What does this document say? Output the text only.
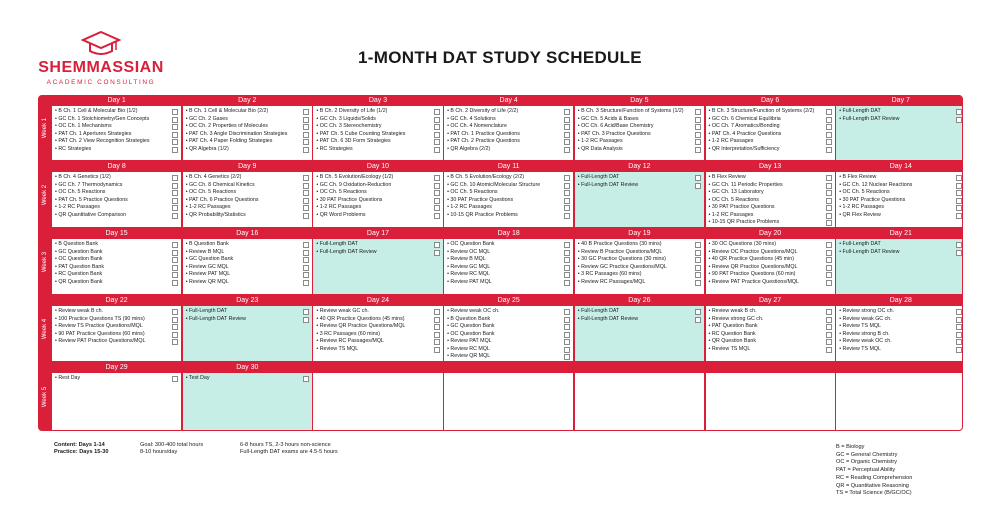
SHEMMASSIAN
ACADEMIC CONSULTING
1-MONTH DAT STUDY SCHEDULE
Week 1
Day 1
• B Ch. 1 Cell & Molecular Bio (1/2)
• GC Ch. 1 Stoichiometry/Gen Concepts
• OC Ch. 1 Mechanisms
• PAT Ch. 1 Apertures Strategies
• PAT Ch. 2 View Recognition Strategies
• RC Strategies
Day 2
• B Ch. 1 Cell & Molecular Bio (2/2)
• GC Ch. 2 Gases
• OC Ch. 2 Properties of Molecules
• PAT Ch. 3 Angle Discrimination Strategies
• PAT Ch. 4 Paper Folding Strategies
• QR Algebra (1/2)
Day 3
• B Ch. 2 Diversity of Life (1/2)
• GC Ch. 3 Liquids/Solids
• OC Ch. 3 Stereochemistry
• PAT Ch. 5 Cube Counting Strategies
• PAT Ch. 6 3D Form Strategies
• RC Strategies
Day 4
• B Ch. 2 Diversity of Life (2/2)
• GC Ch. 4 Solutions
• OC Ch. 4 Nomenclature
• PAT Ch. 1 Practice Questions
• PAT Ch. 2 Practice Questions
• QR Algebra (2/2)
Day 5
• B Ch. 3 Structure/Function of Systems (1/2)
• GC Ch. 5 Acids & Bases
• OC Ch. 6 Acid/Base Chemistry
• PAT Ch. 3 Practice Questions
• 1-2 RC Passages
• QR Data Analysis
Day 6
• B Ch. 3 Structure/Function of Systems (2/2)
• GC Ch. 6 Chemical Equilibria
• OC Ch. 7 Aromatics/Bonding
• PAT Ch. 4 Practice Questions
• 1-2 RC Passages
• QR Interpretation/Sufficiency
Day 7
• Full-Length DAT
• Full-Length DAT Review
Week 2
Day 8
• B Ch. 4 Genetics (1/2)
• GC Ch. 7 Thermodynamics
• OC Ch. 5 Reactions
• PAT Ch. 5 Practice Questions
• 1-2 RC Passages
• QR Quantitative Comparison
Day 9
• B Ch. 4 Genetics (2/2)
• GC Ch. 8 Chemical Kinetics
• OC Ch. 5 Reactions
• PAT Ch. 6 Practice Questions
• 1-2 RC Passages
• QR Probability/Statistics
Day 10
• B Ch. 5 Evolution/Ecology (1/2)
• GC Ch. 9 Oxidation-Reduction
• OC Ch. 5 Reactions
• 30 PAT Practice Questions
• 1-2 RC Passages
• QR Word Problems
Day 11
• B Ch. 5 Evolution/Ecology (2/2)
• GC Ch. 10 Atomic/Molecular Structure
• OC Ch. 5 Reactions
• 30 PAT Practice Questions
• 1-2 RC Passages
• 10-15 QR Practice Problems
Day 12
• Full-Length DAT
• Full-Length DAT Review
Day 13
• B Flex Review
• GC Ch. 11 Periodic Properties
• GC Ch. 13 Laboratory
• OC Ch. 5 Reactions
• 30 PAT Practice Questions
• 1-2 RC Passages
• 10-15 QR Practice Problems
Day 14
• B Flex Review
• GC Ch. 12 Nuclear Reactions
• OC Ch. 5 Reactions
• 30 PAT Practice Questions
• 1-2 RC Passages
• QR Flex Review
Week 3
Day 15
• B Question Bank
• GC Question Bank
• OC Question Bank
• PAT Question Bank
• RC Question Bank
• QR Question Bank
Day 16
• B Question Bank
• Review B MQL
• GC Question Bank
• Review GC MQL
• Review PAT MQL
• Review QR MQL
Day 17
• Full-Length DAT
• Full-Length DAT Review
Day 18
• OC Question Bank
• Review OC MQL
• Review B MQL
• Review GC MQL
• Review RC MQL
• Review PAT MQL
Day 19
• 40 B Practice Questions (30 mins)
• Review B Practice Questions/MQL
• 30 GC Practice Questions (30 mins)
• Review GC Practice Questions/MQL
• 3 RC Passages (60 mins)
• Review RC Passages/MQL
Day 20
• 30 OC Questions (30 mins)
• Review OC Practice Questions/MQL
• 40 QR Practice Questions (45 min)
• Review QR Practice Questions/MQL
• 90 PAT Practice Questions (60 min)
• Review PAT Practice Questions/MQL
Day 21
• Full-Length DAT
• Full-Length DAT Review
Week 4
Day 22
• Review weak B ch.
• 100 Practice Questions TS (90 mins)
• Review TS Practice Questions/MQL
• 90 PAT Practice Questions (60 mins)
• Review PAT Practice Questions/MQL
Day 23
• Full-Length DAT
• Full-Length DAT Review
Day 24
• Review weak GC ch.
• 40 QR Practice Questions (45 mins)
• Review QR Practice Questions/MQL
• 3 RC Passages (60 mins)
• Review RC Passages/MQL
• Review TS MQL
Day 25
• Review weak OC ch.
• B Question Bank
• GC Question Bank
• OC Question Bank
• Review PAT MQL
• Review RC MQL
• Review QR MQL
Day 26
• Full-Length DAT
• Full-Length DAT Review
Day 27
• Review weak B ch.
• Review strong GC ch.
• PAT Question Bank
• RC Question Bank
• QR Question Bank
• Review TS MQL
Day 28
• Review strong OC ch.
• Review weak GC ch.
• Review TS MQL
• Review strong B ch.
• Review weak OC ch.
• Review TS MQL
Week 5
Day 29
• Rest Day
Day 30
• Test Day
Content: Days 1-14
Practice: Days 15-30
Goal: 300-400 total hours
8-10 hours/day
6-8 hours TS, 2-3 hours non-science
Full-Length DAT exams are 4.5-5 hours
B = Biology
GC = General Chemistry
OC = Organic Chemistry
PAT = Perceptual Ability
RC = Reading Comprehension
QR = Quantitative Reasoning
TS = Total Science (B/GC/OC)
